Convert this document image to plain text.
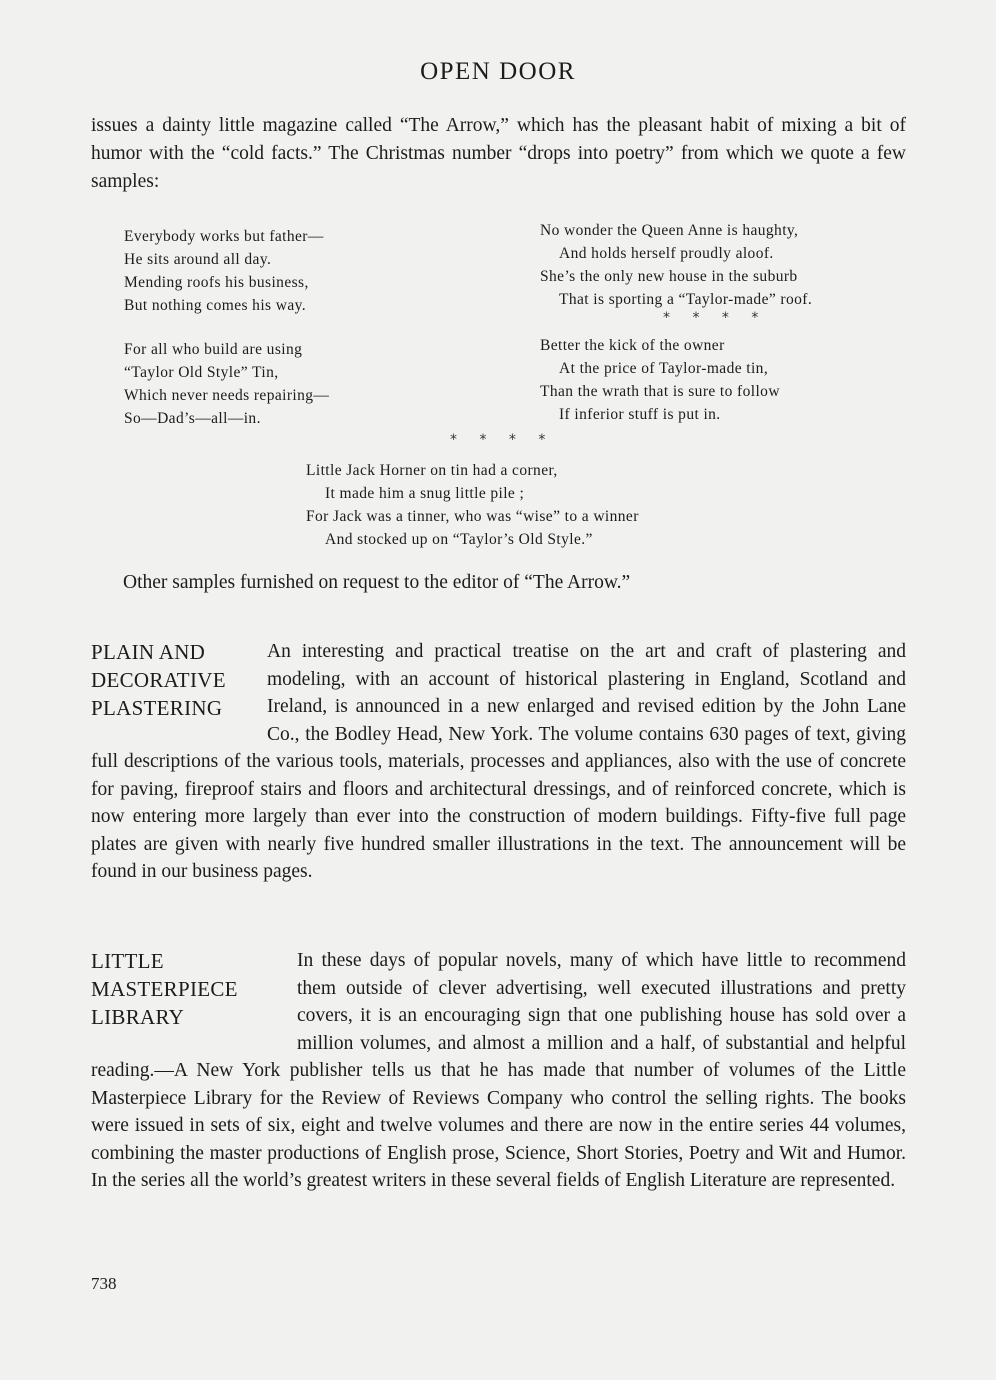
OPEN DOOR

issues a dainty little magazine called “The Arrow,” which has the pleasant habit of mixing a bit of humor with the “cold facts.” The Christmas number “drops into poetry” from which we quote a few samples:

Everybody works but father—
He sits around all day.
Mending roofs his business,
But nothing comes his way.
For all who build are using
“Taylor Old Style” Tin,
Which never needs repairing—
So—Dad’s—all—in.
No wonder the Queen Anne is haughty,
And holds herself proudly aloof.
She’s the only new house in the suburb
That is sporting a “Taylor-made” roof.
* * * *
Better the kick of the owner
At the price of Taylor-made tin,
Than the wrath that is sure to follow
If inferior stuff is put in.
* * * *
Little Jack Horner on tin had a corner,
It made him a snug little pile ;
For Jack was a tinner, who was “wise” to a winner
And stocked up on “Taylor’s Old Style.”
Other samples furnished on request to the editor of “The Arrow.”
PLAIN AND
DECORATIVE
PLASTERING

An interesting and practical treatise on the art and craft of plastering and modeling, with an account of historical plastering in England, Scotland and Ireland, is announced in a new enlarged and revised edition by the John Lane Co., the Bodley Head, New York. The volume contains 630 pages of text, giving full descriptions of the various tools, materials, processes and appliances, also with the use of concrete for paving, fireproof stairs and floors and architectural dressings, and of reinforced concrete, which is now entering more largely than ever into the construction of modern buildings. Fifty-five full page plates are given with nearly five hundred smaller illustrations in the text. The announcement will be found in our business pages.

LITTLE
MASTERPIECE
LIBRARY

In these days of popular novels, many of which have little to recommend them outside of clever advertising, well executed illustrations and pretty covers, it is an encouraging sign that one publishing house has sold over a million volumes, and almost a million and a half, of substantial and helpful reading.—A New York publisher tells us that he has made that number of volumes of the Little Masterpiece Library for the Review of Reviews Company who control the selling rights. The books were issued in sets of six, eight and twelve volumes and there are now in the entire series 44 volumes, combining the master productions of English prose, Science, Short Stories, Poetry and Wit and Humor. In the series all the world’s greatest writers in these several fields of English Literature are represented.

738
